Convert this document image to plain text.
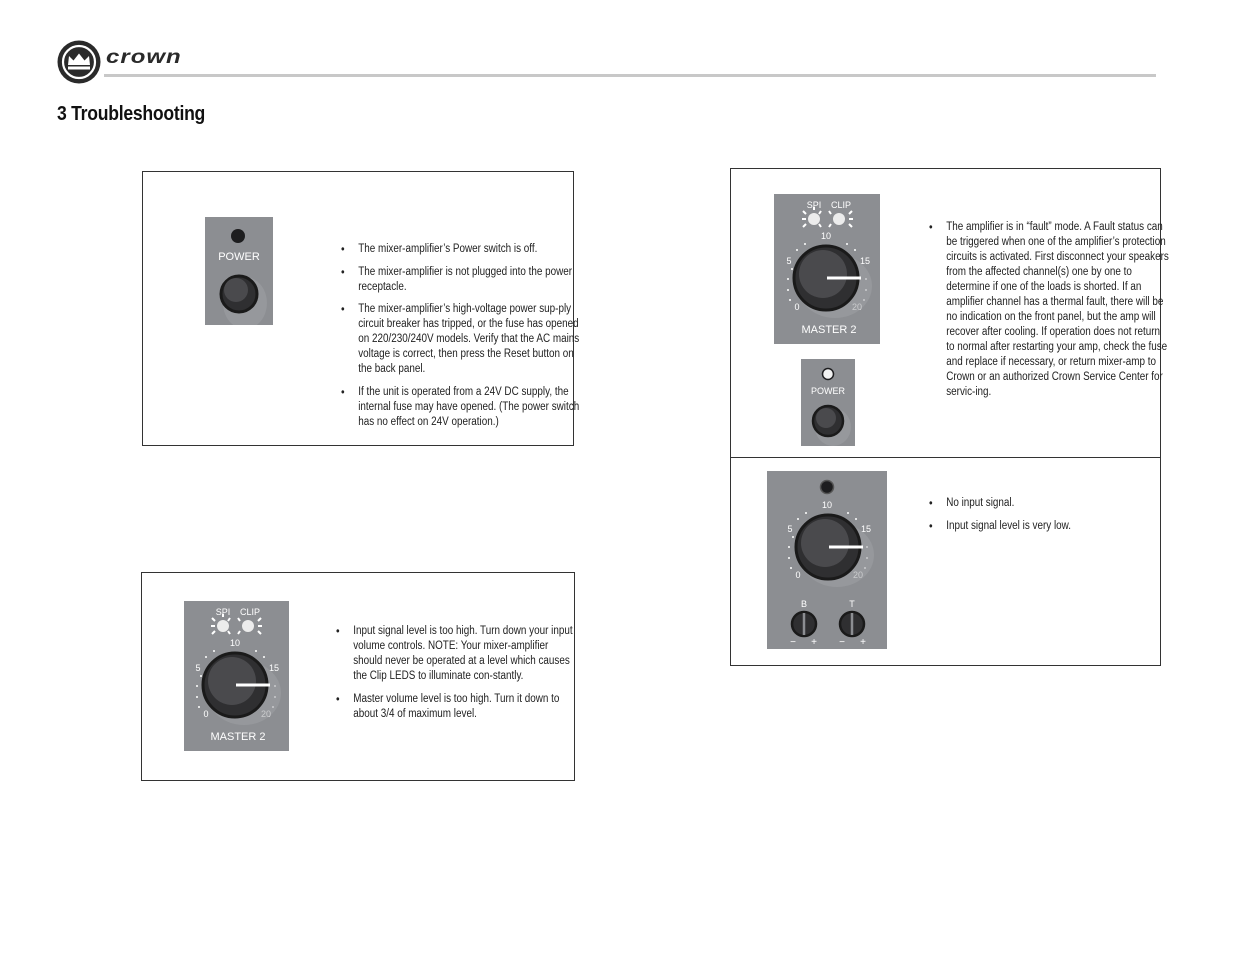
crown
3 Troubleshooting
POWER
• The mixer-amplifier’s Power switch is off.
• The mixer-amplifier is not plugged into the power receptacle.
• The mixer-amplifier’s high-voltage power sup-ply circuit breaker has tripped, or the fuse has opened on 220/230/240V models. Verify that the AC mains voltage is correct, then press the Reset button on the back panel.
• If the unit is operated from a 24V DC supply, the internal fuse may have opened. (The power switch has no effect on 24V operation.)
SPI CLIP
10
5	15
0
MASTER 2
• Input signal level is too high. Turn down your input volume controls. NOTE: Your mixer-amplifier should never be operated at a level which causes the Clip LEDS to illuminate con-stantly.
• Master volume level is too high. Turn it down to about 3/4 of maximum level.
SPI CLIP
10
5	15
0
MASTER 2
POWER
• The amplifier is in “fault” mode. A Fault status can be triggered when one of the amplifier’s protection circuits is activated. First disconnect your speakers from the affected channel(s) one by one to determine if one of the loads is shorted. If an amplifier channel has a thermal fault, there will be no indication on the front panel, but the amp will recover after cooling. If operation does not return to normal after restarting your amp, check the fuse and replace if necessary, or return mixer-amp to Crown or an authorized Crown Service Center for servic-ing.
10
5	15
0
B	T
− + − +
• No input signal.
• Input signal level is very low.
